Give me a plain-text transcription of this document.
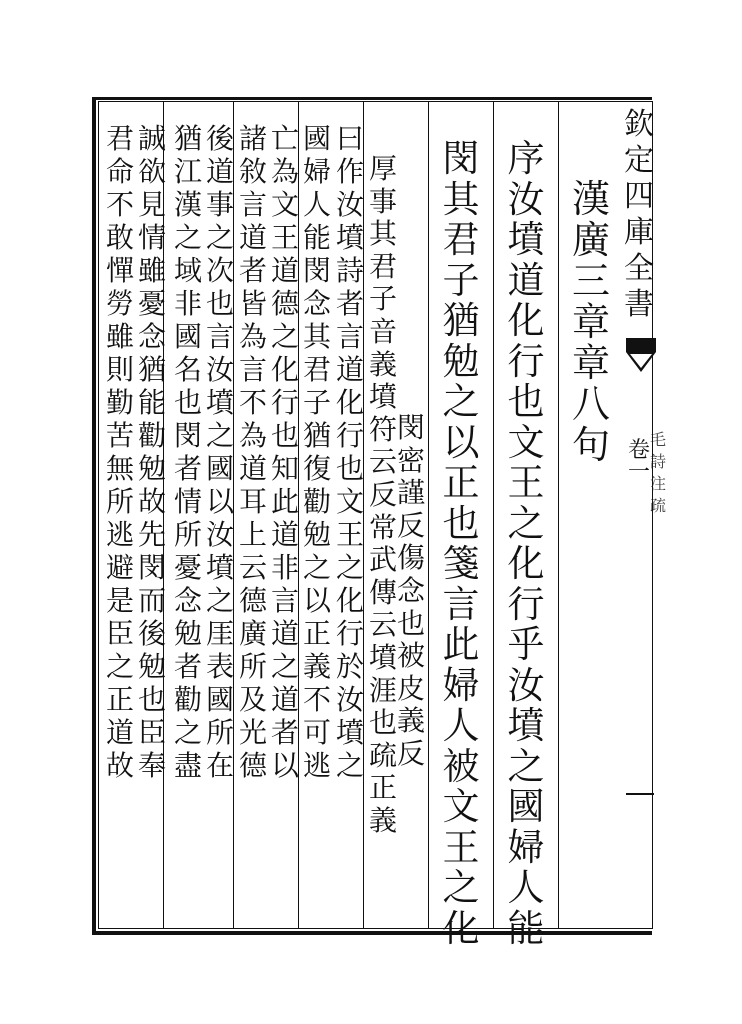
欽
定
四
庫
全
書
卷
一
毛
詩
注
疏
漢
廣
三
章
章
八
句
序
汝
墳
道
化
行
也
文
王
之
化
行
乎
汝
墳
之
國
婦
人
能
閔
其
君
子
猶
勉
之
以
正
也
箋
言
此
婦
人
被
文
王
之
化
厚
事
其
君
子
音
義
墳
符
云
反
常
武
傳
云
墳
涯
也
疏
正
義
閔
密
謹
反
傷
念
也
被
皮
義
反
曰
作
汝
墳
詩
者
言
道
化
行
也
文
王
之
化
行
於
汝
墳
之
國
婦
人
能
閔
念
其
君
子
猶
復
勸
勉
之
以
正
義
不
可
逃
亡
為
文
王
道
德
之
化
行
也
知
此
道
非
言
道
之
道
者
以
諸
敘
言
道
者
皆
為
言
不
為
道
耳
上
云
德
廣
所
及
光
德
後
道
事
之
次
也
言
汝
墳
之
國
以
汝
墳
之
厓
表
國
所
在
猶
江
漢
之
域
非
國
名
也
閔
者
情
所
憂
念
勉
者
勸
之
盡
誠
欲
見
情
雖
憂
念
猶
能
勸
勉
故
先
閔
而
後
勉
也
臣
奉
君
命
不
敢
憚
勞
雖
則
勤
苦
無
所
逃
避
是
臣
之
正
道
故
